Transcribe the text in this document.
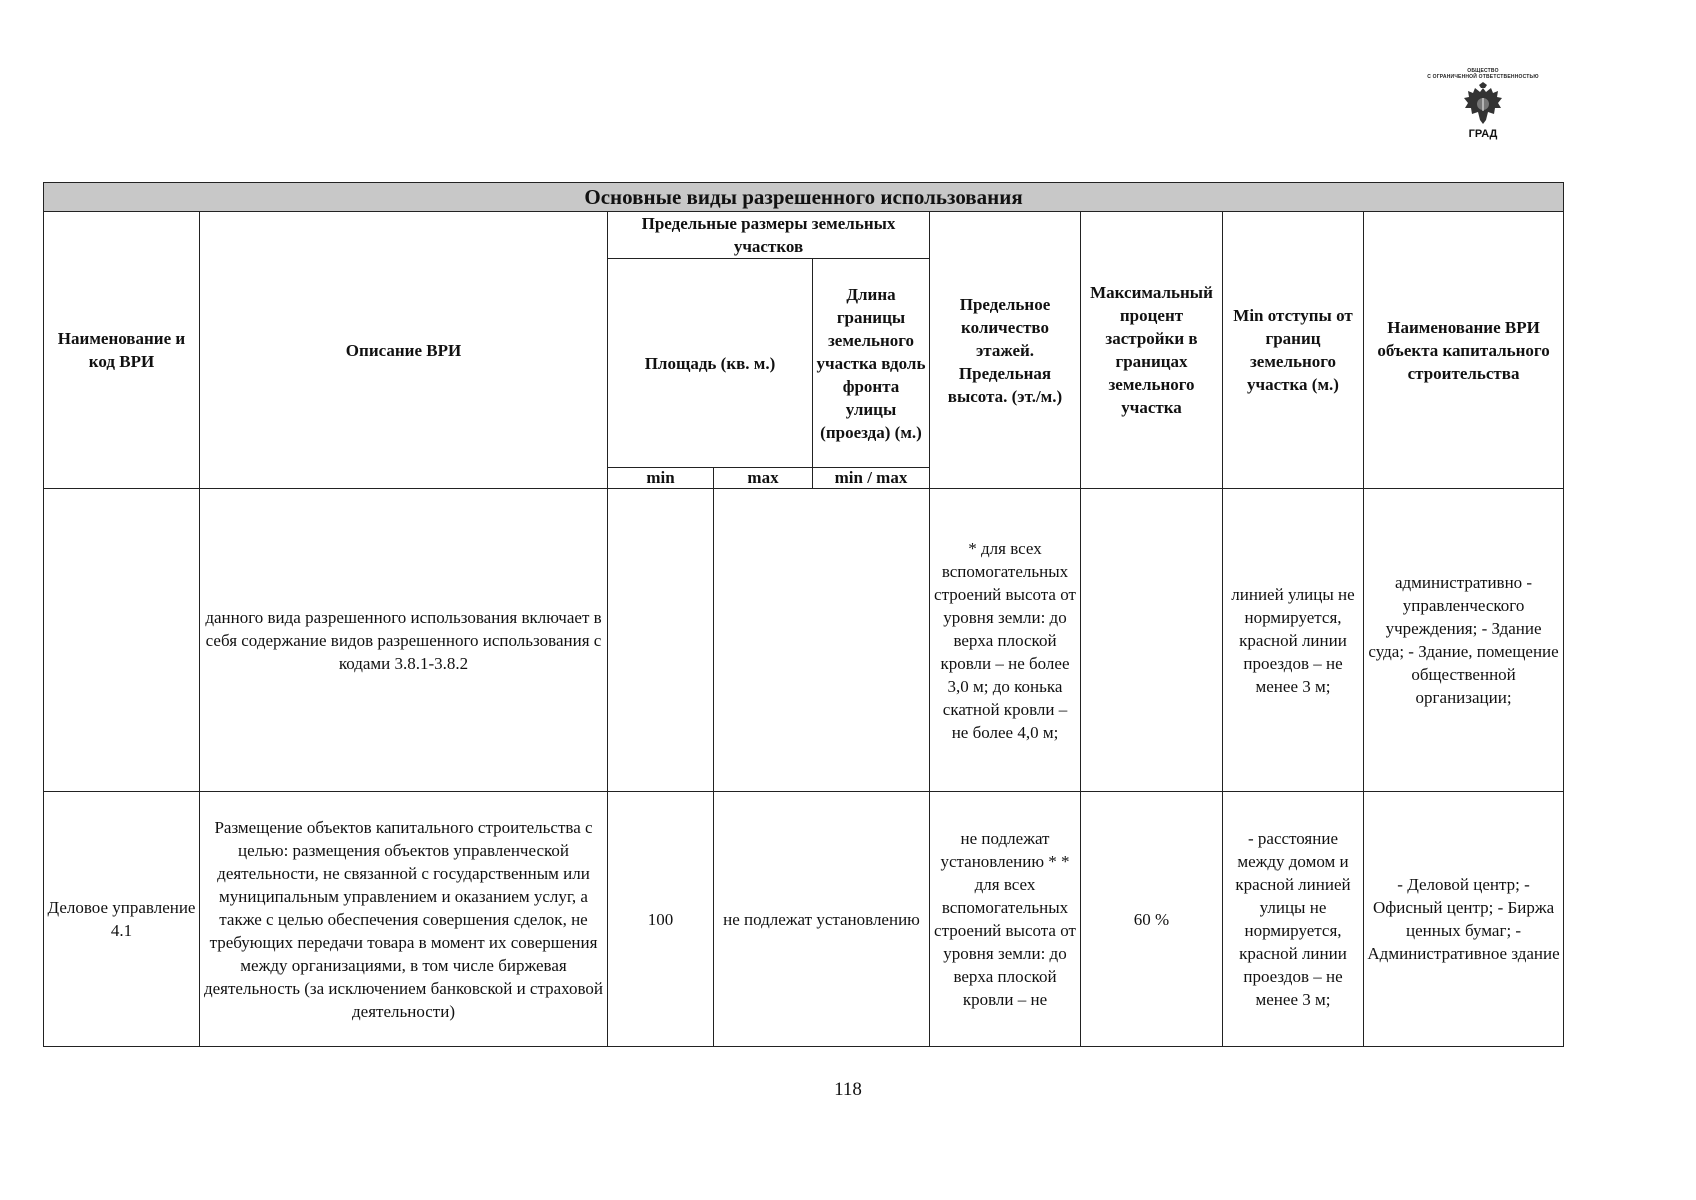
ОБЩЕСТВО
С ОГРАНИЧЕННОЙ ОТВЕТСТВЕННОСТЬЮ
ГРАД
Основные виды разрешенного использования								
Наименование и код ВРИ	Описание ВРИ	Предельные размеры земельных участков			Предельное количество этажей. Предельная высота. (эт./м.)	Максимальный процент застройки в границах земельного участка	Min отступы от границ земельного участка (м.)	Наименование ВРИ объекта капитального строительства
		Площадь (кв. м.)		Длина границы земельного участка вдоль фронта улицы (проезда) (м.)				
		min	max	min / max				
	данного вида разрешенного использования включает в себя содержание видов разрешенного использования с кодами 3.8.1-3.8.2				* для всех вспомогательных строений высота от уровня земли: до верха плоской кровли – не более 3,0 м; до конька скатной кровли – не более 4,0 м;		линией улицы не нормируется, красной линии проездов – не менее 3 м;	административно - управленческого учреждения; - Здание суда; - Здание, помещение общественной организации;
Деловое управление 4.1	Размещение объектов капитального строительства с целью: размещения объектов управленческой деятельности, не связанной с государственным или муниципальным управлением и оказанием услуг, а также с целью обеспечения совершения сделок, не требующих передачи товара в момент их совершения между организациями, в том числе биржевая деятельность (за исключением банковской и страховой деятельности)	100	не подлежат установлению		не подлежат установлению * * для всех вспомогательных строений высота от уровня земли: до верха плоской кровли – не	60 %	- расстояние между домом и красной линией улицы не нормируется, красной линии проездов – не менее 3 м;	- Деловой центр; - Офисный центр; - Биржа ценных бумаг; - Административное здание
118
